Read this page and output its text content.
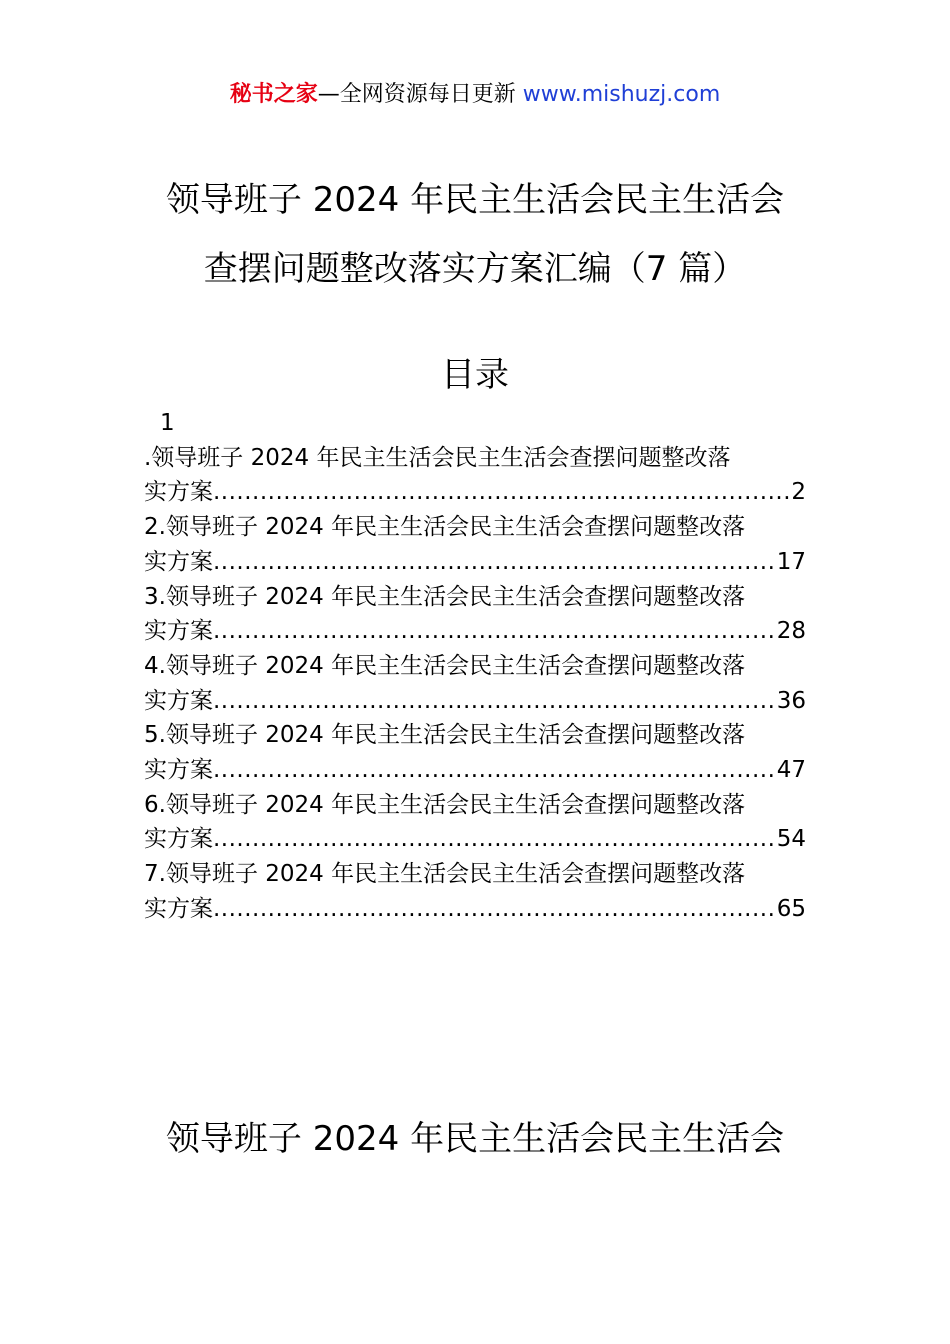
秘书之家—全网资源每日更新 www.mishuzj.com
领导班子 2024 年民主生活会民主生活会
查摆问题整改落实方案汇编（7 篇）
目录
1
.领导班子 2024 年民主生活会民主生活会查摆问题整改落
实方案 .....	2
2.领导班子 2024 年民主生活会民主生活会查摆问题整改落
实方案 .....	17
3.领导班子 2024 年民主生活会民主生活会查摆问题整改落
实方案 .....	28
4.领导班子 2024 年民主生活会民主生活会查摆问题整改落
实方案 .....	36
5.领导班子 2024 年民主生活会民主生活会查摆问题整改落
实方案 .....	47
6.领导班子 2024 年民主生活会民主生活会查摆问题整改落
实方案 .....	54
7.领导班子 2024 年民主生活会民主生活会查摆问题整改落
实方案 .....	65
领导班子 2024 年民主生活会民主生活会
